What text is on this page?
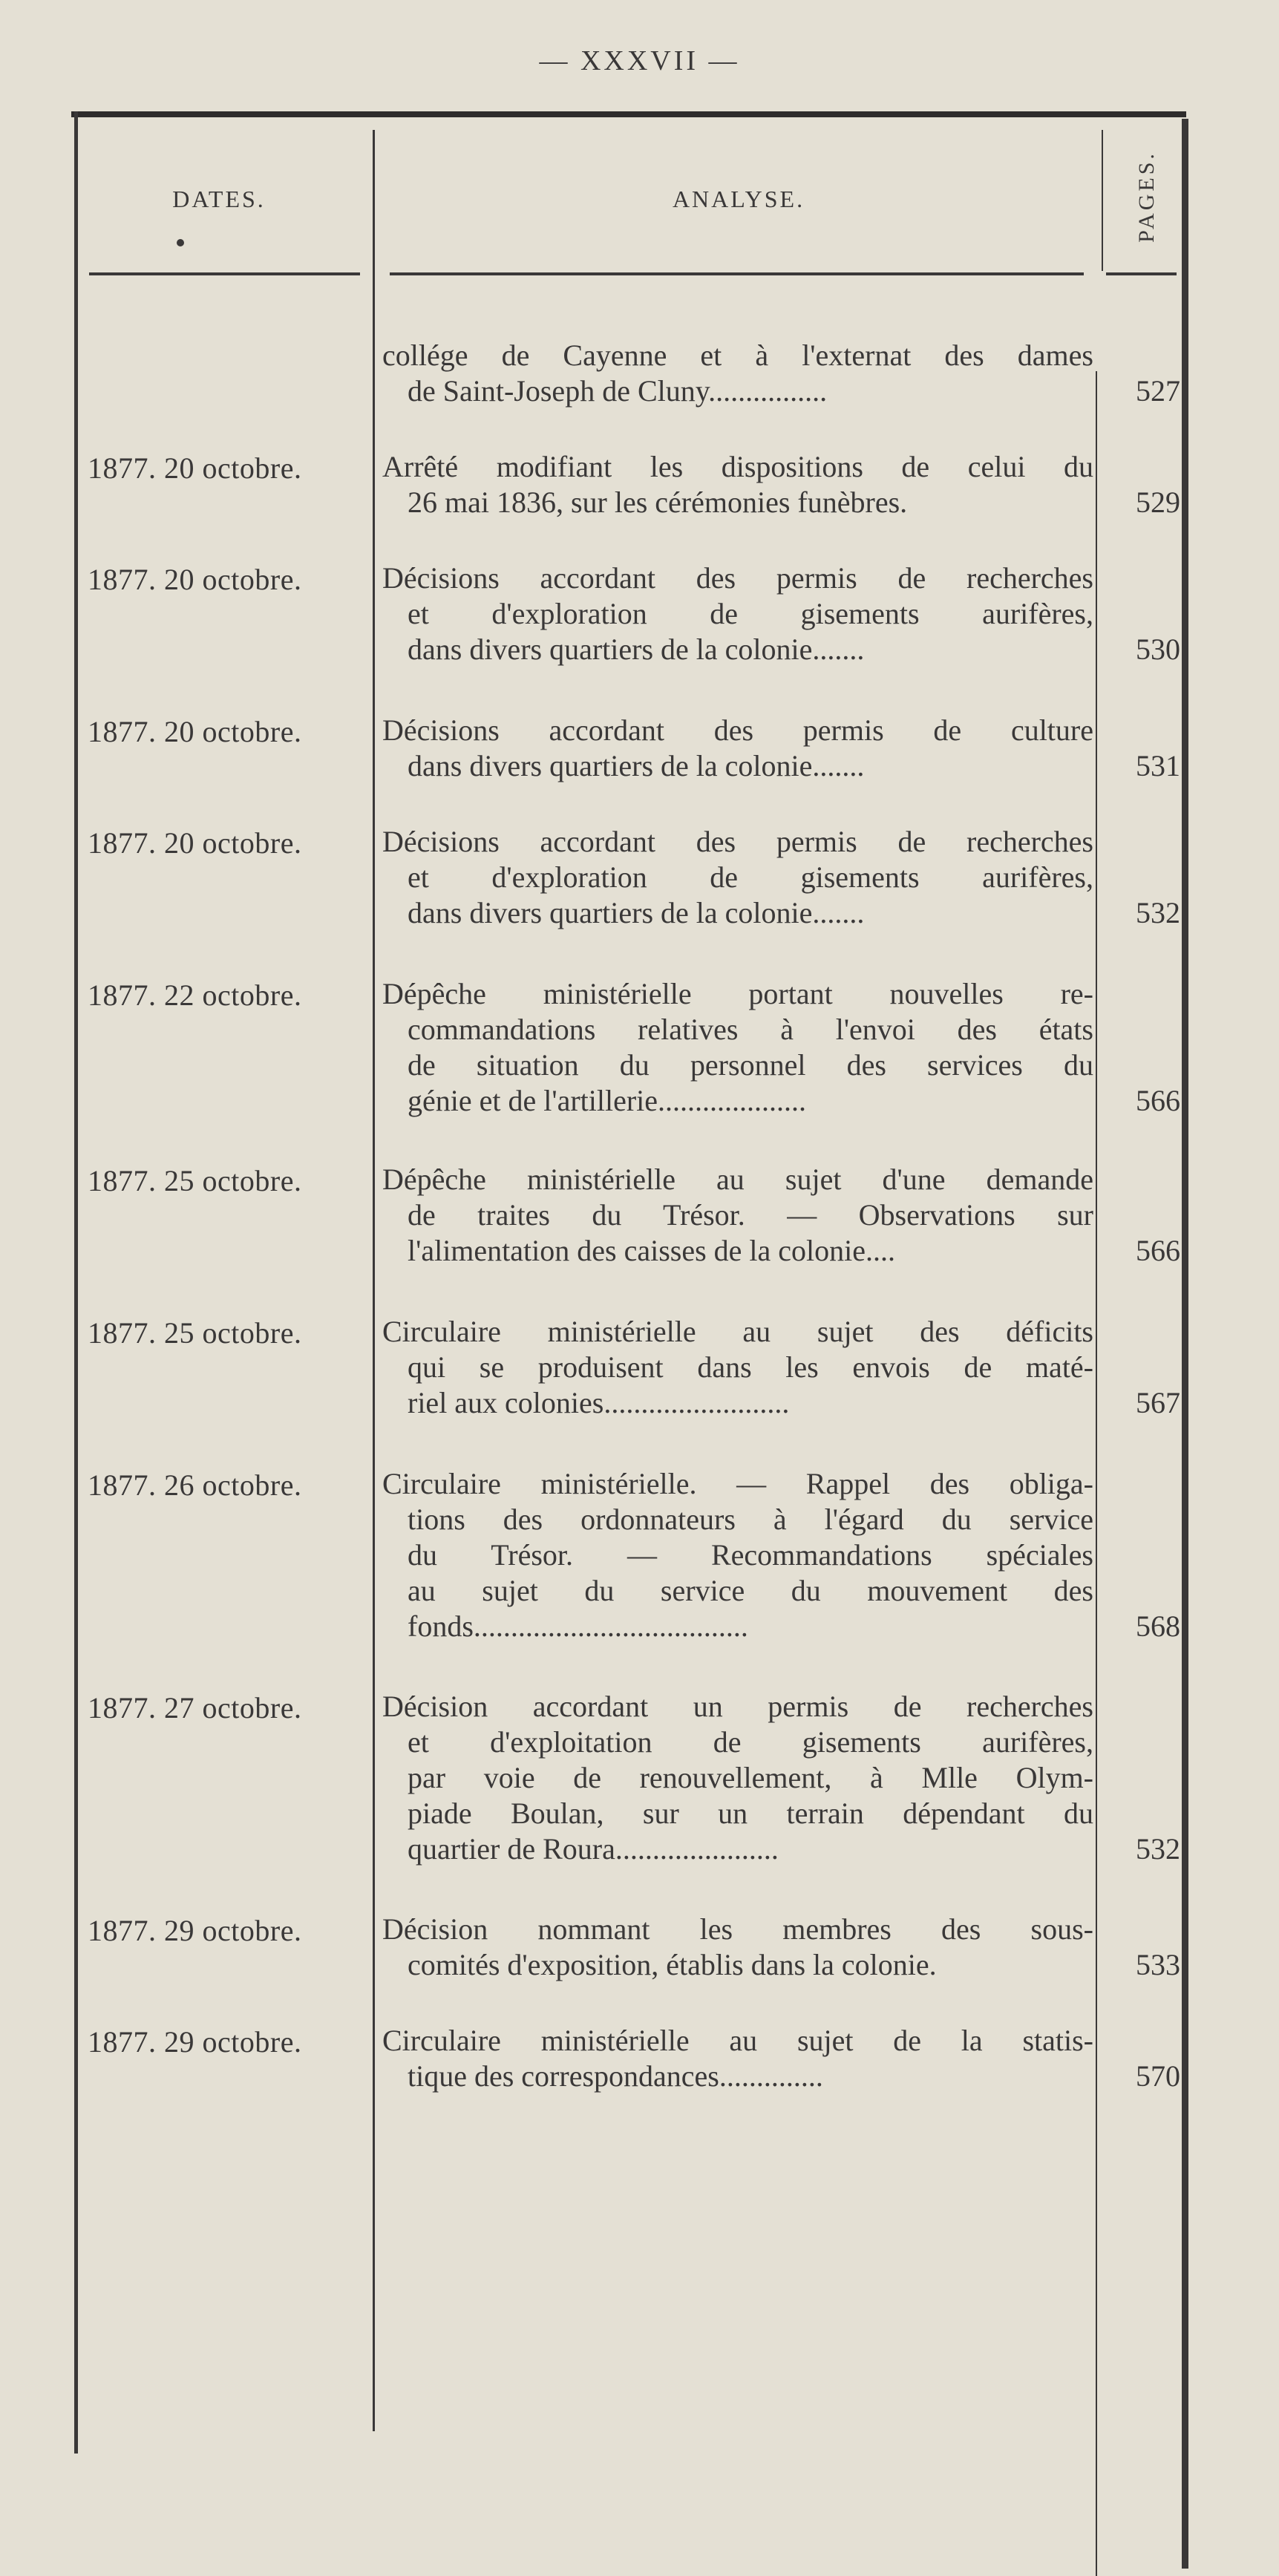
— XXXVII —
DATES.	ANALYSE.	PAGES.

collége de Cayenne et à l'externat des dames

de Saint-Joseph de Cluny................	527
1877. 20 octobre.	Arrêté modifiant les dispositions de celui du

26 mai 1836, sur les cérémonies funèbres.	529
1877. 20 octobre.	Décisions accordant des permis de recherches

et d'exploration de gisements aurifères,

dans divers quartiers de la colonie.......	530
1877. 20 octobre.	Décisions accordant des permis de culture

dans divers quartiers de la colonie.......	531
1877. 20 octobre.	Décisions accordant des permis de recherches

et d'exploration de gisements aurifères,

dans divers quartiers de la colonie.......	532
1877. 22 octobre.	Dépêche ministérielle portant nouvelles re-

commandations relatives à l'envoi des états

de situation du personnel des services du

génie et de l'artillerie....................	566
1877. 25 octobre.	Dépêche ministérielle au sujet d'une demande

de traites du Trésor. — Observations sur

l'alimentation des caisses de la colonie....	566
1877. 25 octobre.	Circulaire ministérielle au sujet des déficits

qui se produisent dans les envois de maté-

riel aux colonies.........................	567
1877. 26 octobre.	Circulaire ministérielle. — Rappel des obliga-

tions des ordonnateurs à l'égard du service

du Trésor. — Recommandations spéciales

au sujet du service du mouvement des

fonds.....................................	568
1877. 27 octobre.	Décision accordant un permis de recherches

et d'exploitation de gisements aurifères,

par voie de renouvellement, à Mlle Olym-

piade Boulan, sur un terrain dépendant du

quartier de Roura......................	532
1877. 29 octobre.	Décision nommant les membres des sous-

comités d'exposition, établis dans la colonie.	533
1877. 29 octobre.	Circulaire ministérielle au sujet de la statis-

tique des correspondances..............	570
